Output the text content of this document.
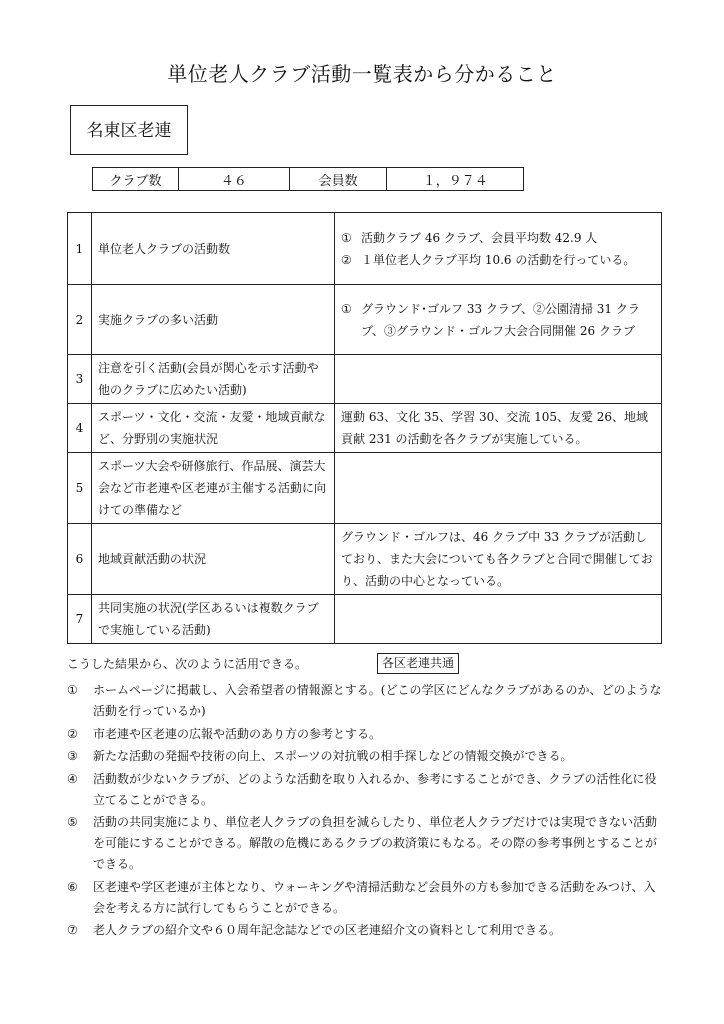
単位老人クラブ活動一覧表から分かること
名東区老連
クラブ数	４６	会員数	１，９７４
1	単位老人クラブの活動数	① 活動クラブ 46 クラブ、会員平均数 42.9 人
② １単位老人クラブ平均 10.6 の活動を行っている。

2	実施クラブの多い活動	① グラウンド･ゴルフ 33 クラブ、②公園清掃 31 クラブ、③グラウンド・ゴルフ大会合同開催 26 クラブ

3	注意を引く活動(会員が関心を示す活動や他のクラブに広めたい活動)	
4	スポーツ・文化・交流・友愛・地域貢献など、分野別の実施状況	運動 63、文化 35、学習 30、交流 105、友愛 26、地域貢献 231 の活動を各クラブが実施している。

5	スポーツ大会や研修旅行、作品展、演芸大会など市老連や区老連が主催する活動に向けての準備など	
6	地域貢献活動の状況	グラウンド・ゴルフは、46 クラブ中 33 クラブが活動しており、また大会についても各クラブと合同で開催しており、活動の中心となっている。

7	共同実施の状況(学区あるいは複数クラブで実施している活動)	
こうした結果から、次のように活用できる。	各区老連共通
① ホームページに掲載し、入会希望者の情報源とする。(どこの学区にどんなクラブがあるのか、どのような活動を行っているか)
② 市老連や区老連の広報や活動のあり方の参考とする。
③ 新たな活動の発掘や技術の向上、スポーツの対抗戦の相手探しなどの情報交換ができる。
④ 活動数が少ないクラブが、どのような活動を取り入れるか、参考にすることができ、クラブの活性化に役立てることができる。
⑤ 活動の共同実施により、単位老人クラブの負担を減らしたり、単位老人クラブだけでは実現できない活動を可能にすることができる。解散の危機にあるクラブの救済策にもなる。その際の参考事例とすることができる。
⑥ 区老連や学区老連が主体となり、ウォーキングや清掃活動など会員外の方も参加できる活動をみつけ、入会を考える方に試行してもらうことができる。
⑦ 老人クラブの紹介文や６０周年記念誌などでの区老連紹介文の資料として利用できる。
